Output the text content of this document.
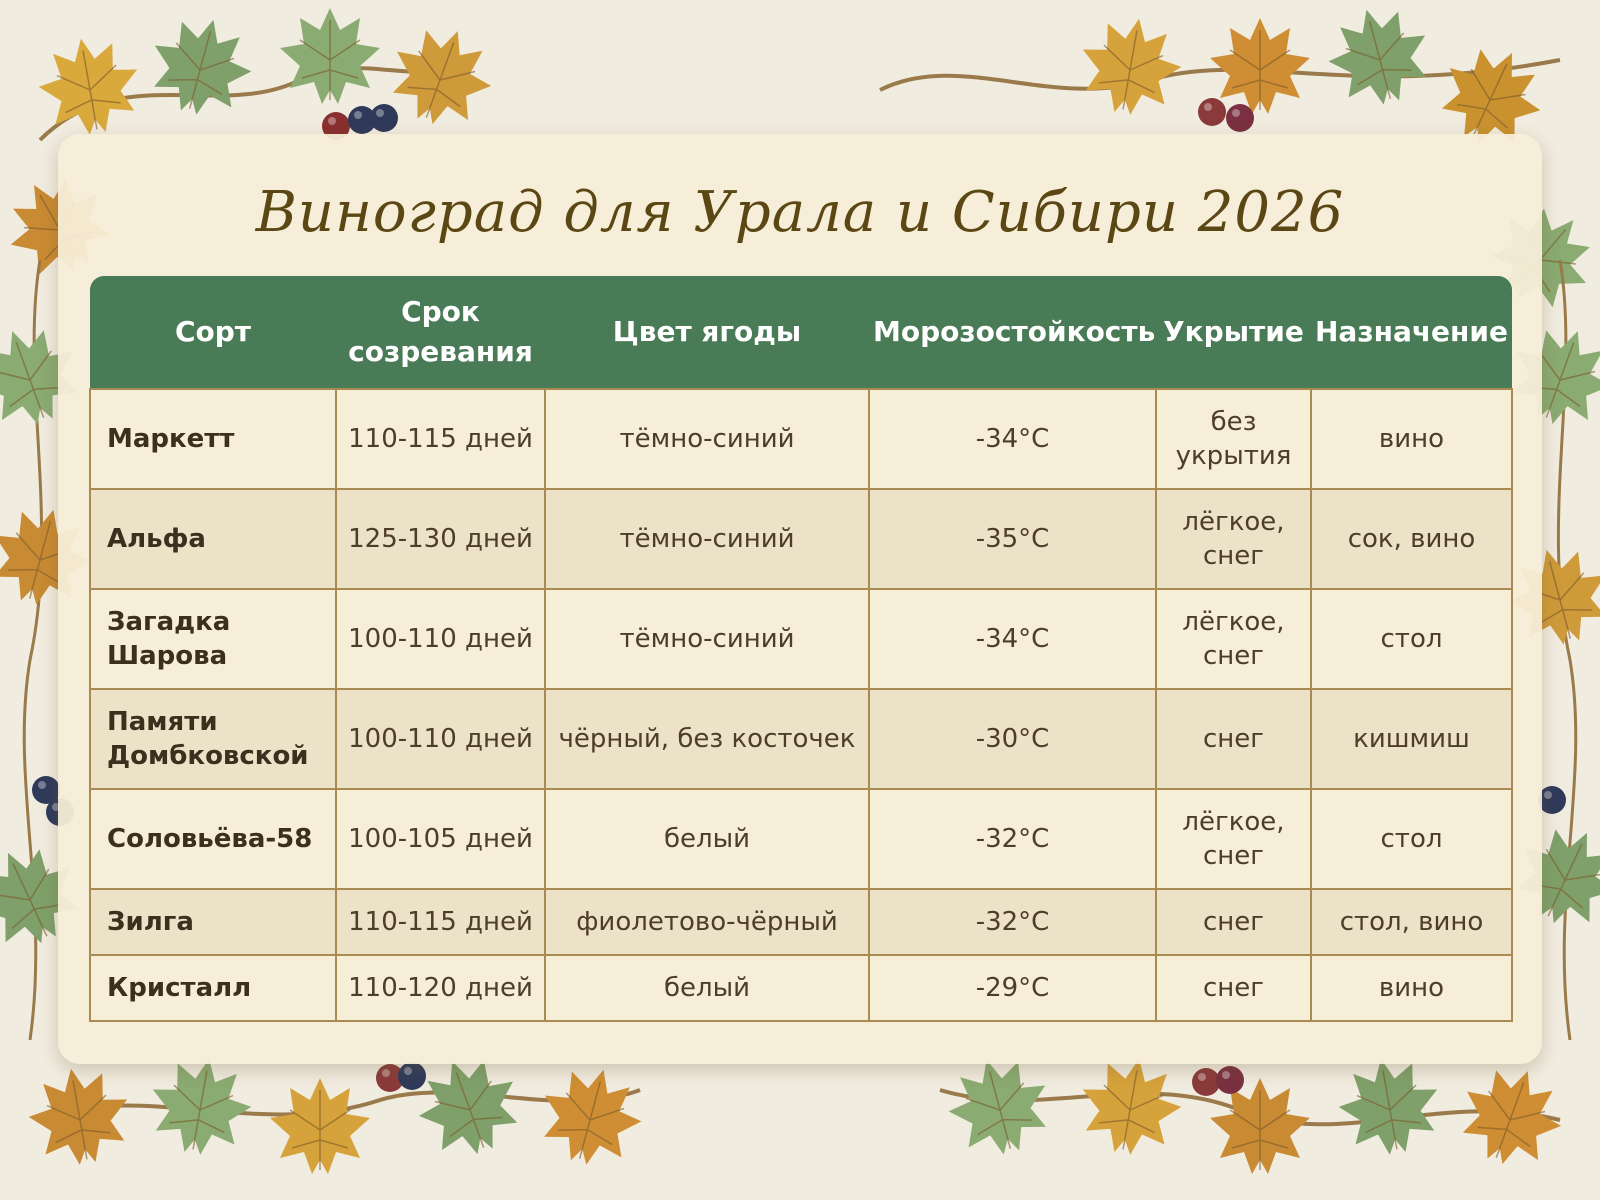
Виноград для Урала и Сибири 2026
Сорт	Срок созревания	Цвет ягоды	Морозостойкость	Укрытие	Назначение
Маркетт	110-115 дней	тёмно-синий	-34°C	без укрытия	вино
Альфа	125-130 дней	тёмно-синий	-35°C	лёгкое, снег	сок, вино
Загадка Шарова	100-110 дней	тёмно-синий	-34°C	лёгкое, снег	стол
Памяти Домбковской	100-110 дней	чёрный, без косточек	-30°C	снег	кишмиш
Соловьёва-58	100-105 дней	белый	-32°C	лёгкое, снег	стол
Зилга	110-115 дней	фиолетово-чёрный	-32°C	снег	стол, вино
Кристалл	110-120 дней	белый	-29°C	снег	вино
